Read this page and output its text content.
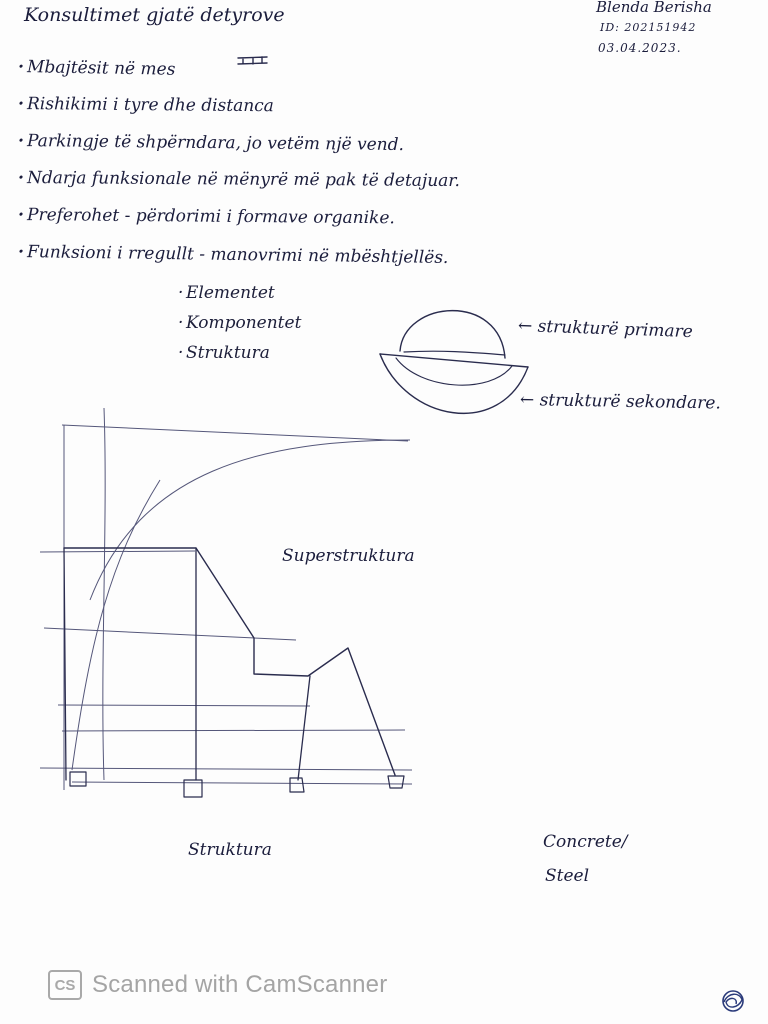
Konsultimet gjatë detyrove	Blenda Berisha
ID: 202151942
03.04.2023.
· Mbajtësit në mes
· Rishikimi i tyre dhe distanca
· Parkingje të shpërndara, jo vetëm një vend.
· Ndarja funksionale në mënyrë më pak të detajuar.
· Preferohet - përdorimi i formave organike.
· Funksioni i rregullt - manovrimi në mbështjellës.
· Elementet
· Komponentet
· Struktura
← strukturë primare
← strukturë sekondare.
Superstruktura
Struktura	Concrete/
Steel
CS Scanned with CamScanner
